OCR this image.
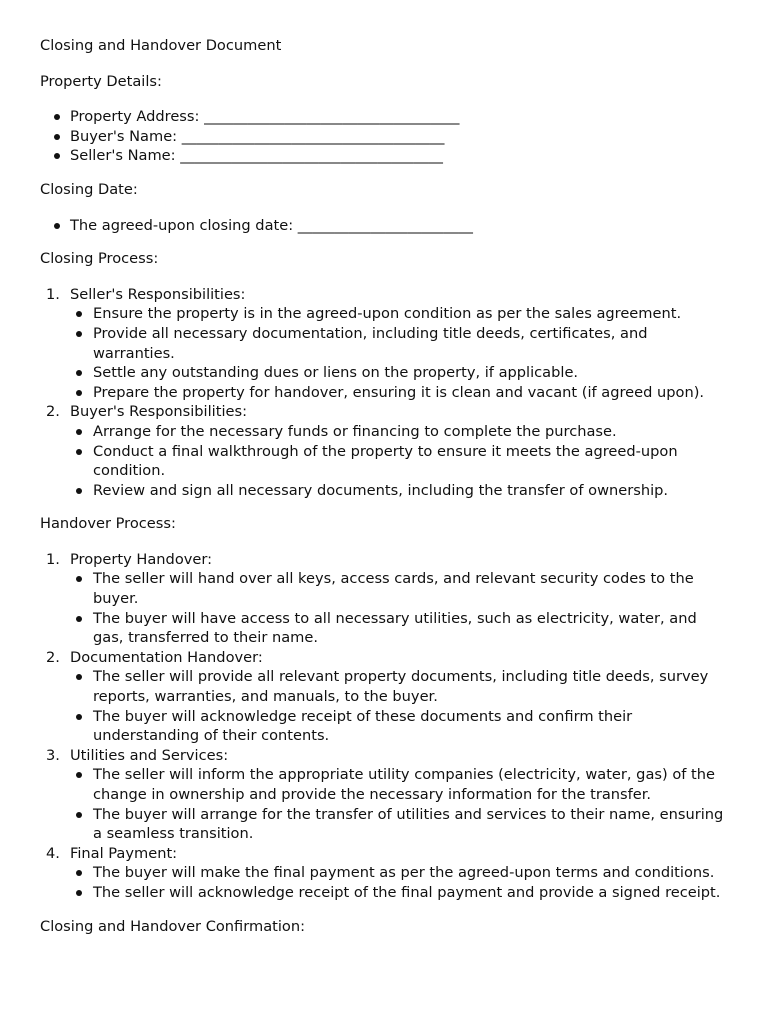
Closing and Handover Document

Property Details:

Property Address: ___________________________________
Buyer's Name: ____________________________________
Seller's Name: ____________________________________

Closing Date:

The agreed-upon closing date: ________________________

Closing Process:

1. Seller's Responsibilities:
Ensure the property is in the agreed-upon condition as per the sales agreement.
Provide all necessary documentation, including title deeds, certificates, and warranties.
Settle any outstanding dues or liens on the property, if applicable.
Prepare the property for handover, ensuring it is clean and vacant (if agreed upon).
2. Buyer's Responsibilities:
Arrange for the necessary funds or financing to complete the purchase.
Conduct a final walkthrough of the property to ensure it meets the agreed-upon condition.
Review and sign all necessary documents, including the transfer of ownership.

Handover Process:

1. Property Handover:
The seller will hand over all keys, access cards, and relevant security codes to the buyer.
The buyer will have access to all necessary utilities, such as electricity, water, and gas, transferred to their name.
2. Documentation Handover:
The seller will provide all relevant property documents, including title deeds, survey reports, warranties, and manuals, to the buyer.
The buyer will acknowledge receipt of these documents and confirm their understanding of their contents.
3. Utilities and Services:
The seller will inform the appropriate utility companies (electricity, water, gas) of the change in ownership and provide the necessary information for the transfer.
The buyer will arrange for the transfer of utilities and services to their name, ensuring a seamless transition.
4. Final Payment:
The buyer will make the final payment as per the agreed-upon terms and conditions.
The seller will acknowledge receipt of the final payment and provide a signed receipt.

Closing and Handover Confirmation:
